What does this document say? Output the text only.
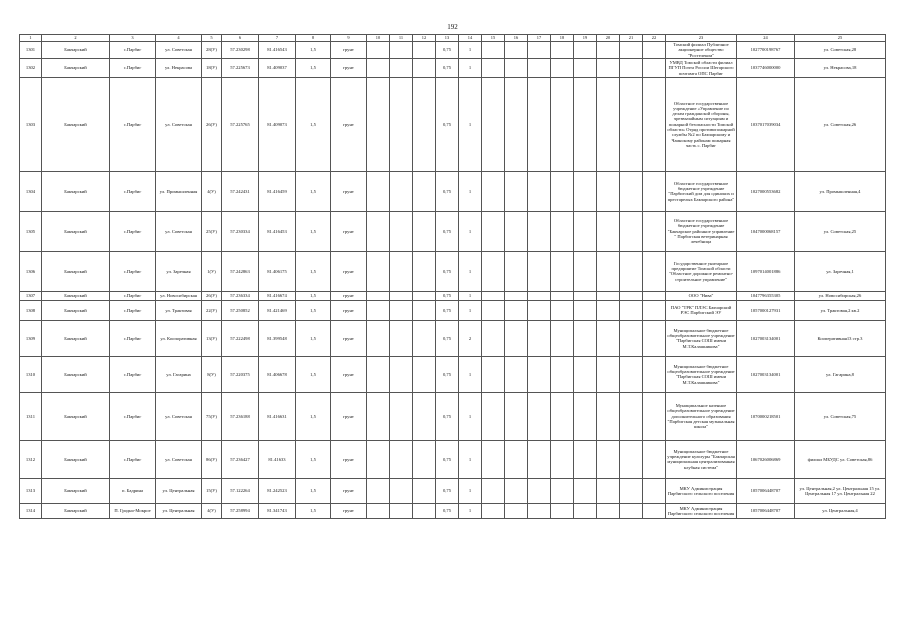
192
1	2	3	4	5	6	7	8	9	10	11	12	13	14	15	16	17	18	19	20	21	22	23	24	25
1301	Бакчарский	с.Парбиг	ул. Советская	28(У)	57.230298	81.416543	1,5	грунт				0,75	1									Томский филиал Публичное акционерное общество "Ростелеком"	1027700198767	ул. Советская,28
1302	Бакчарский	с.Парбиг	ул. Некрасова	18(У)	57.225673	81.409037	1,5	грунт				0,75	1									УМВД Томской области филиал ПГУП Почта России Шегарского почтамта ОПС Парбиг	1037746000000	ул. Некрасова,18
1303	Бакчарский	с.Парбиг	ул. Советская	26(У)	57.225765	81.409073	1,5	грунт				0,75	1									Областное государственное учреждение «Управление по делам гражданской обороны, чрезвычайным ситуациям и пожарной безопасности Томской области» Отряд противопожарной службы №2 по Бакчарскому и Чаинскому районам пожарная часть с. Парбиг	1037017039034	ул. Советская,26
1304	Бакчарский	с.Парбиг	ул. Промышленная	4(У)	57.242431	81.416459	1,5	грунт				0,75	1									Областное государственное бюджетное учреждение "Парбигский дом для одиноких и престарелых Бакчарского района"	1027000553682	ул. Промышленная,4
1305	Бакчарский	с.Парбиг	ул. Советская	25(У)	57.230334	81.416453	1,5	грунт				0,75	1									Областное государственное бюджетное учреждение "Бакчарское районное управление " Парбигская ветеринарная лечебница	1047000068157	ул. Советская,25
1306	Бакчарский	с.Парбиг	ул. Заречная	1(У)	57.242863	81.406175	1,5	грунт				0,75	1									Государственное унитарное предприятие Томской области "Областное дорожное ремонтно-строительное управление"	1097014001886	ул. Заречная,1
1307	Бакчарский	с.Парбиг	ул. Новосибирская	26(У)	57.236334	81.416674	1,5	грунт				0,75	1									ООО "Нива"	1047796355305	ул. Новосибирская,26
1308	Бакчарский	с.Парбиг	ул. Трактовая	22(У)	57.250852	81.421469	1,5	грунт				0,75	1									ПАО "ТРК" ПЛЭС Бакчарский РЭС Парбигский ЭУ	1057000127931	ул. Трактовая,2 кв.2
1309	Бакчарский	с.Парбиг	ул. Коопоративная	13(У)	57.222498	81.399548	1,5	грунт				0,75	2									Муниципальное бюджетное общеобразовательное учреждение "Парбигская СОШ имени М.Т.Калашникова"	1027003134001	Кооперативная13 стр.3
1310	Бакчарский	с.Парбиг	ул. Гагарина	8(У)	57.220375	81.406678	1,5	грунт				0,75	1									Муниципальное бюджетное общеобразовательное учреждение "Парбигская СОШ имени М.Т.Калашникова"	1027003134001	ул. Гагарина,8
1311	Бакчарский	с.Парбиг	ул. Советская	75(У)	57.236188	81.416631	1,5	грунт				0,75	1									Муниципальное казенное общеобразовательное учреждение дополнительного образования "Парбигская детская музыкальная школа"	1070000218501	ул. Советская,75
1312	Бакчарский	с.Парбиг	ул. Советская	86(У)	57.236427	81.41633	1,5	грунт				0,75	1									Муниципальное бюджетное учреждение культуры "Бакчарская муниципальная централизованная клубная система"	1067026006869	филиал МБУДС ул. Советская,86
1313	Бакчарский	п. Бадрина	ул. Центральная	15(У)	57.122264	81.242523	1,5	грунт				0,75	1									МКУ Администрация Парбигского сельского поселения	1057006448707	ул. Центральная,2 ул. Центральная 15 ул. Центральная 17 ул. Центральная 22
1314	Бакчарский	П. Гродно-Мокрое	ул. Центральная	4(У)	57.258994	81.341743	1,5	грунт				0,75	1									МКУ Администрация Парбигского сельского поселения	1057006448707	ул. Центральная,4
